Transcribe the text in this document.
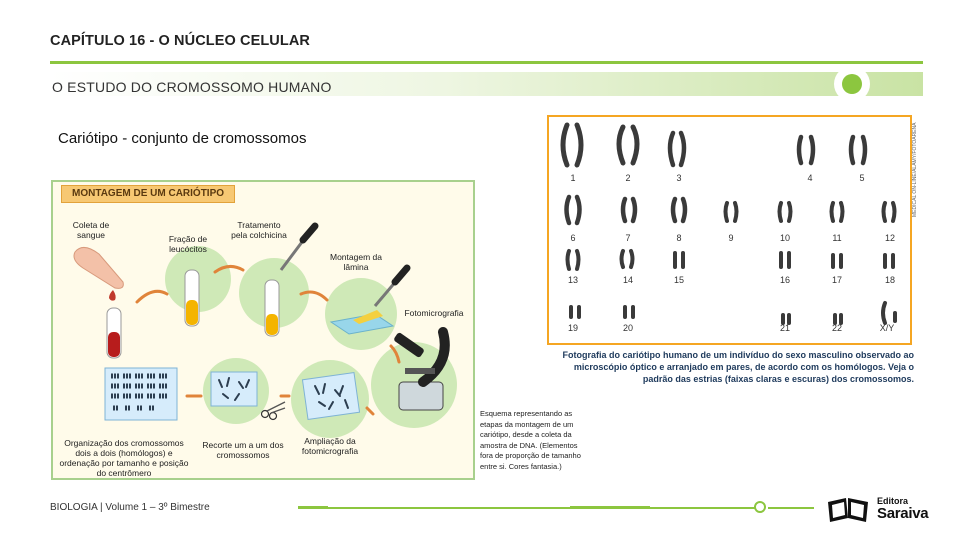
CAPÍTULO 16 - O NÚCLEO CELULAR
O ESTUDO DO CROMOSSOMO HUMANO
Cariótipo - conjunto de cromossomos
MONTAGEM DE UM CARIÓTIPO
Coleta de sangue	Fração de leucócitos
Tratamento pela colchicina
Montagem da lâmina
Fotomicrografia
Ampliação da fotomicrografia
Recorte um a um dos cromossomos
Organização dos cromossomos dois a dois (homólogos) e ordenação por tamanho e posição do centrômero
Esquema representando as etapas da montagem de um cariótipo, desde a coleta da amostra de DNA. (Elementos fora de proporção de tamanho entre si. Cores fantasia.)
1	2	3	4	5
6	7	8	9	10	11	12
13	14	15	16	17	18
19	20	21	22	X/Y
MEDICAL ON-LINE/ALAMY/FOTOARENA
Fotografia do cariótipo humano de um indivíduo do sexo masculino observado ao microscópio óptico e arranjado em pares, de acordo com os homólogos. Veja o padrão das estrias (faixas claras e escuras) dos cromossomos.
BIOLOGIA | Volume 1 – 3º Bimestre
Editora
Saraiva
